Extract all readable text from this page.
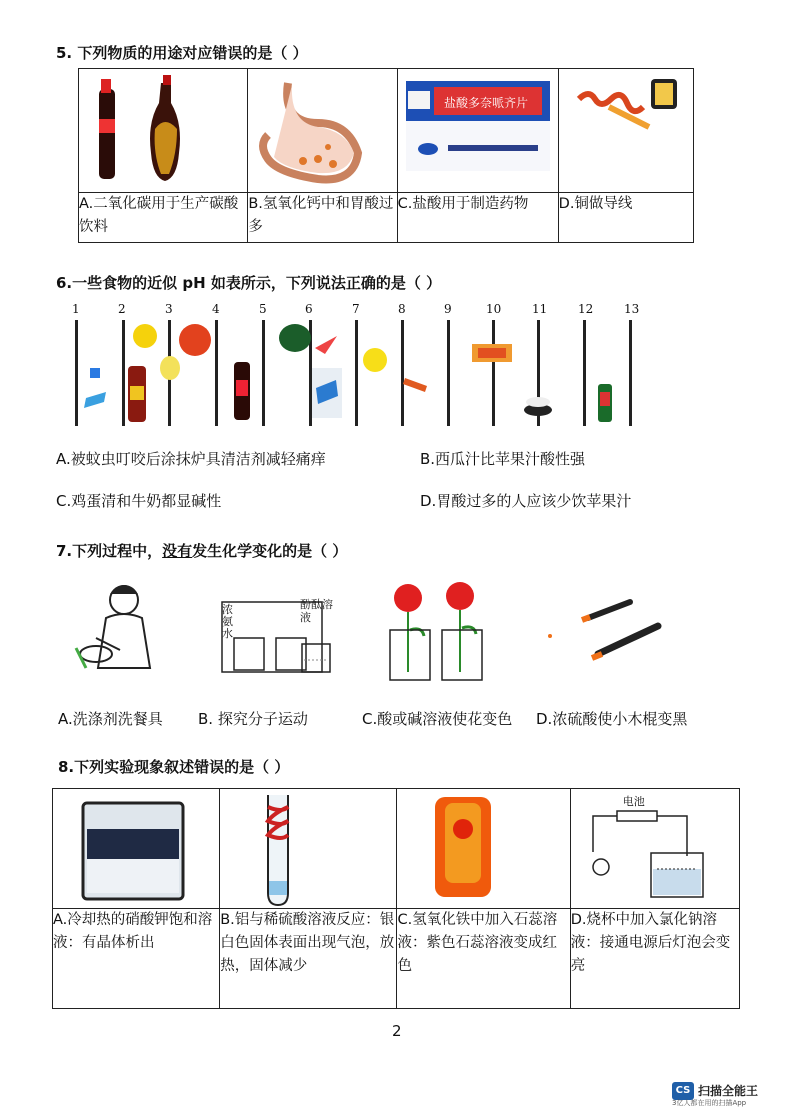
5. 下列物质的用途对应错误的是（ ）

盐酸多奈哌齐片

A.二氧化碳用于生产碳酸饮料	B.氢氧化钙中和胃酸过多	C.盐酸用于制造药物	D.铜做导线
6.一些食物的近似 pH 如表所示，下列说法正确的是（ ）
1	2	3	4	5	6	7	8	9	10	11	12	13
A.被蚊虫叮咬后涂抹炉具清洁剂减轻痛痒	B.西瓜汁比苹果汁酸性强
C.鸡蛋清和牛奶都显碱性	D.胃酸过多的人应该少饮苹果汁
7.下列过程中，没有发生化学变化的是（ ）
浓氨水
酚酞溶液
A.洗涤剂洗餐具 B. 探究分子运动	C.酸或碱溶液使花变色 D.浓硫酸使小木棍变黑
8.下列实验现象叙述错误的是（ ）

电池

A.冷却热的硝酸钾饱和溶液：有晶体析出	B.铝与稀硫酸溶液反应：银白色固体表面出现气泡，放热，固体减少	C.氢氧化铁中加入石蕊溶液：紫色石蕊溶液变成红色	D.烧杯中加入氯化钠溶液：接通电源后灯泡会变亮
2
CS 扫描全能王
3亿人都在用的扫描App
